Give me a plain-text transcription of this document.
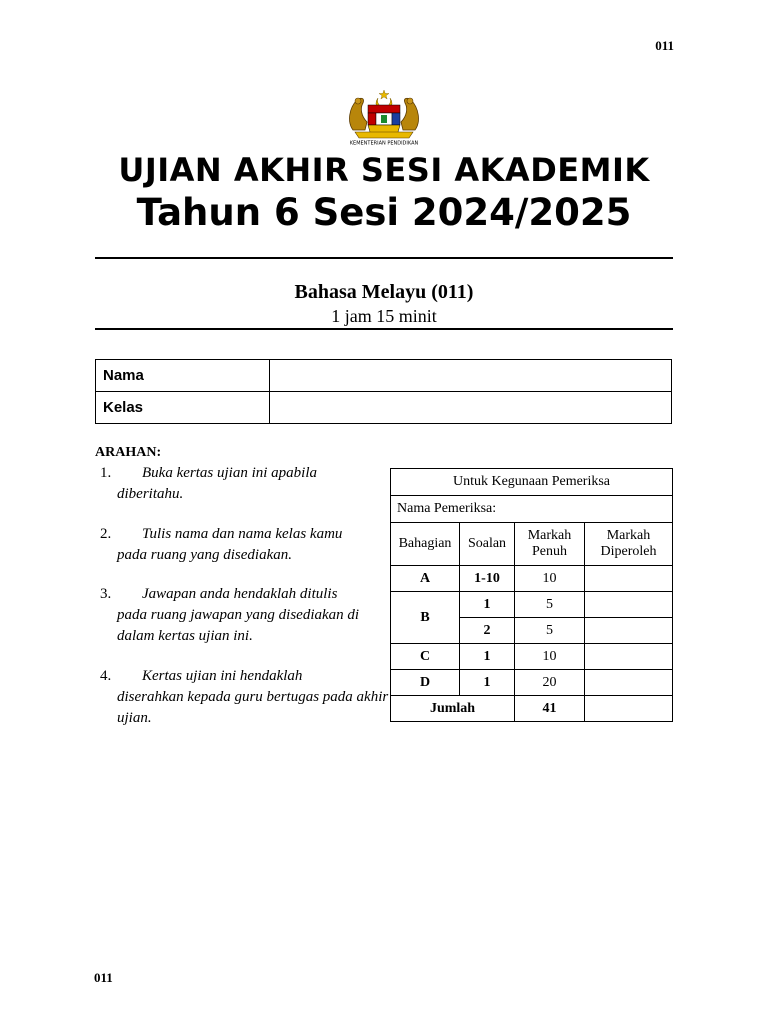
011
KEMENTERIAN PENDIDIKAN
UJIAN AKHIR SESI AKADEMIK
Tahun 6 Sesi 2024/2025
Bahasa Melayu (011)
1 jam 15 minit
Nama	
Kelas	
ARAHAN:
1. Buka kertas ujian ini apabila
diberitahu.
2. Tulis nama dan nama kelas kamu
pada ruang yang disediakan.
3. Jawapan anda hendaklah ditulis
pada ruang jawapan yang disediakan di dalam kertas ujian ini.
4. Kertas ujian ini hendaklah
diserahkan kepada guru bertugas pada akhir ujian.
Untuk Kegunaan Pemeriksa			
Nama Pemeriksa:			
Bahagian	Soalan	Markah Penuh	Markah Diperoleh
A	1-10	10	
B	1	5	
	2	5	
C	1	10	
D	1	20	
Jumlah		41	
011
